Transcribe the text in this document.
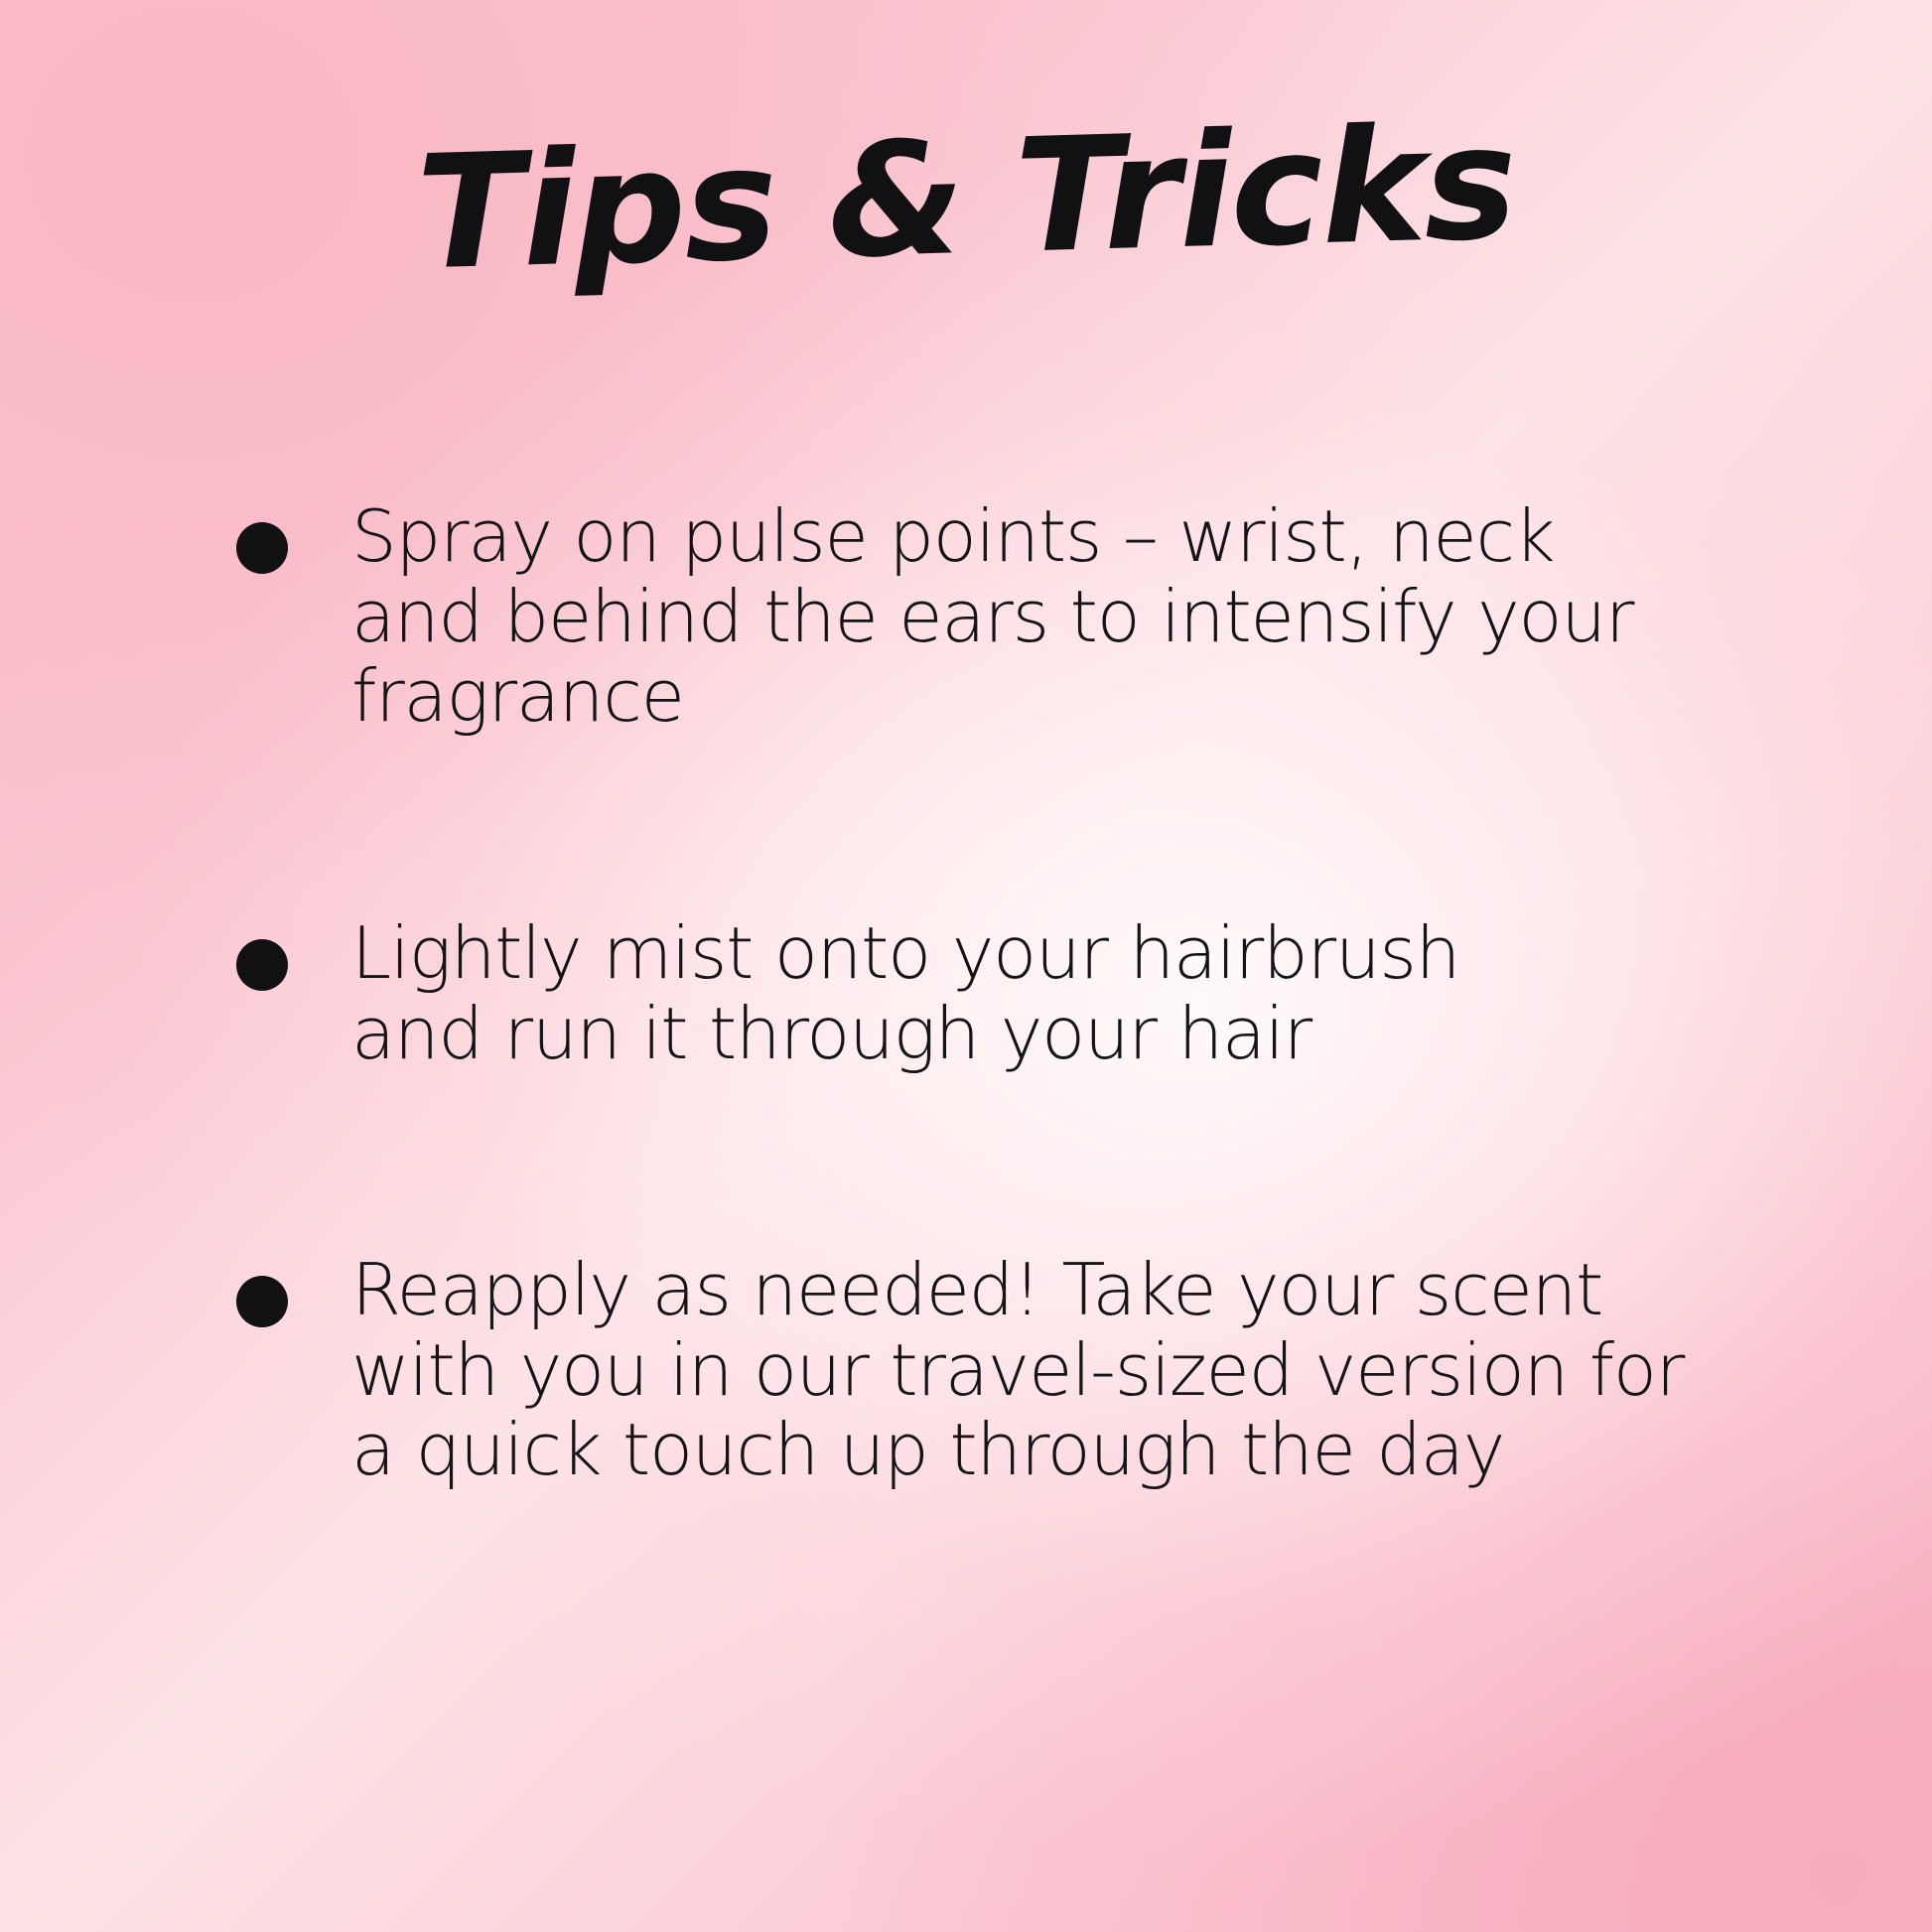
Tips & Tricks
Spray on pulse points – wrist, neck and behind the ears to intensify your fragrance
Lightly mist onto your hairbrush and run it through your hair
Reapply as needed! Take your scent with you in our travel-sized version for a quick touch up through the day
